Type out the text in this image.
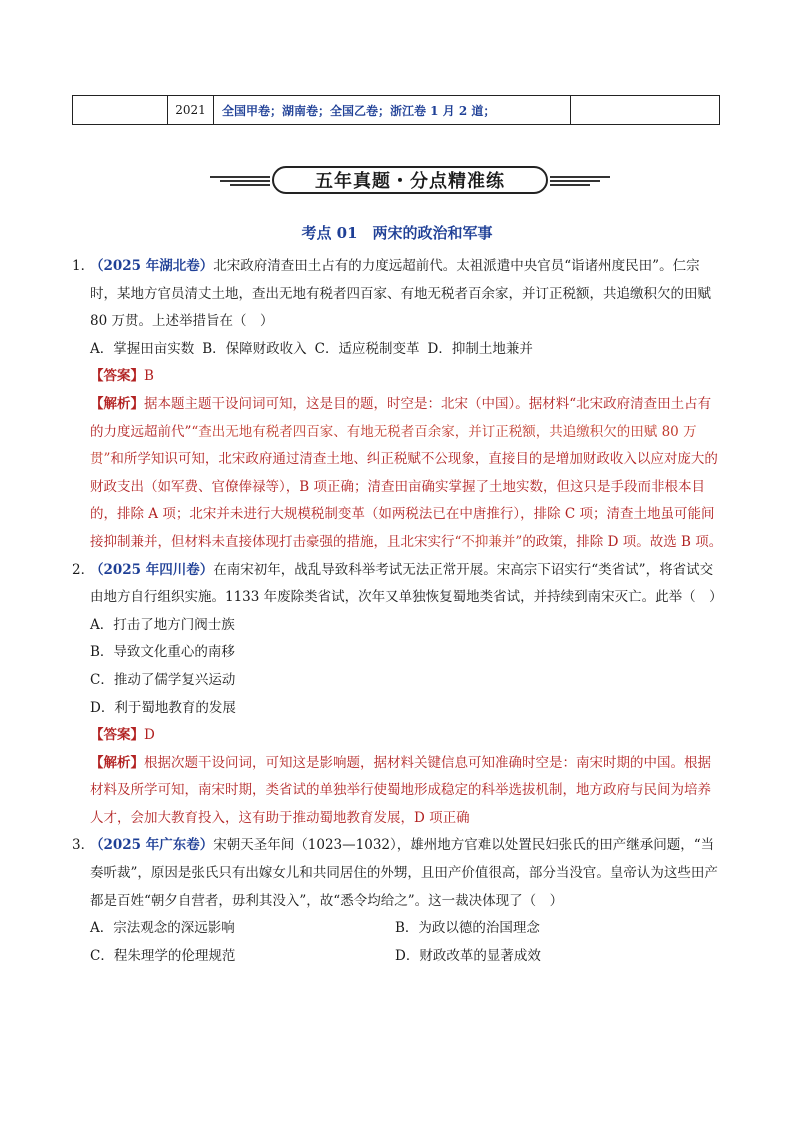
2021	全国甲卷；湖南卷；全国乙卷；浙江卷 1 月 2 道；
五年真题・分点精准练
考点 01　两宋的政治和军事
1．
（2025 年湖北卷）北宋政府清查田土占有的力度远超前代。太祖派遣中央官员“诣诸州度民田”。仁宗时，某地方官员清丈土地，查出无地有税者四百家、有地无税者百余家，并订正税额，共追缴积欠的田赋 80 万贯。上述举措旨在（　）
A．掌握田亩实数 B．保障财政收入 C．适应税制变革 D．抑制土地兼并
【答案】B
【解析】据本题主题干设问词可知，这是目的题，时空是：北宋（中国）。据材料“北宋政府清查田土占有的力度远超前代”“查出无地有税者四百家、有地无税者百余家，并订正税额，共追缴积欠的田赋 80 万贯”和所学知识可知，北宋政府通过清查土地、纠正税赋不公现象，直接目的是增加财政收入以应对庞大的财政支出（如军费、官僚俸禄等），B 项正确；清查田亩确实掌握了土地实数，但这只是手段而非根本目的，排除 A 项；北宋并未进行大规模税制变革（如两税法已在中唐推行），排除 C 项；清查土地虽可能间接抑制兼并，但材料未直接体现打击豪强的措施，且北宋实行“不抑兼并”的政策，排除 D 项。故选 B 项。
2．
（2025 年四川卷）在南宋初年，战乱导致科举考试无法正常开展。宋高宗下诏实行“类省试”，将省试交由地方自行组织实施。1133 年废除类省试，次年又单独恢复蜀地类省试，并持续到南宋灭亡。此举（　）
A．打击了地方门阀士族
B．导致文化重心的南移
C．推动了儒学复兴运动
D．利于蜀地教育的发展
【答案】D
【解析】根据次题干设问词，可知这是影响题，据材料关键信息可知准确时空是：南宋时期的中国。根据材料及所学可知，南宋时期，类省试的单独举行使蜀地形成稳定的科举选拔机制，地方政府与民间为培养人才，会加大教育投入，这有助于推动蜀地教育发展，D 项正确
3．
（2025 年广东卷）宋朝天圣年间（1023—1032），雄州地方官难以处置民妇张氏的田产继承问题，“当奏听裁”，原因是张氏只有出嫁女儿和共同居住的外甥，且田产价值很高，部分当没官。皇帝认为这些田产都是百姓“朝夕自营者，毋利其没入”，故“悉令均给之”。这一裁决体现了（　）
A．宗法观念的深远影响	B．为政以德的治国理念
C．程朱理学的伦理规范	D．财政改革的显著成效
